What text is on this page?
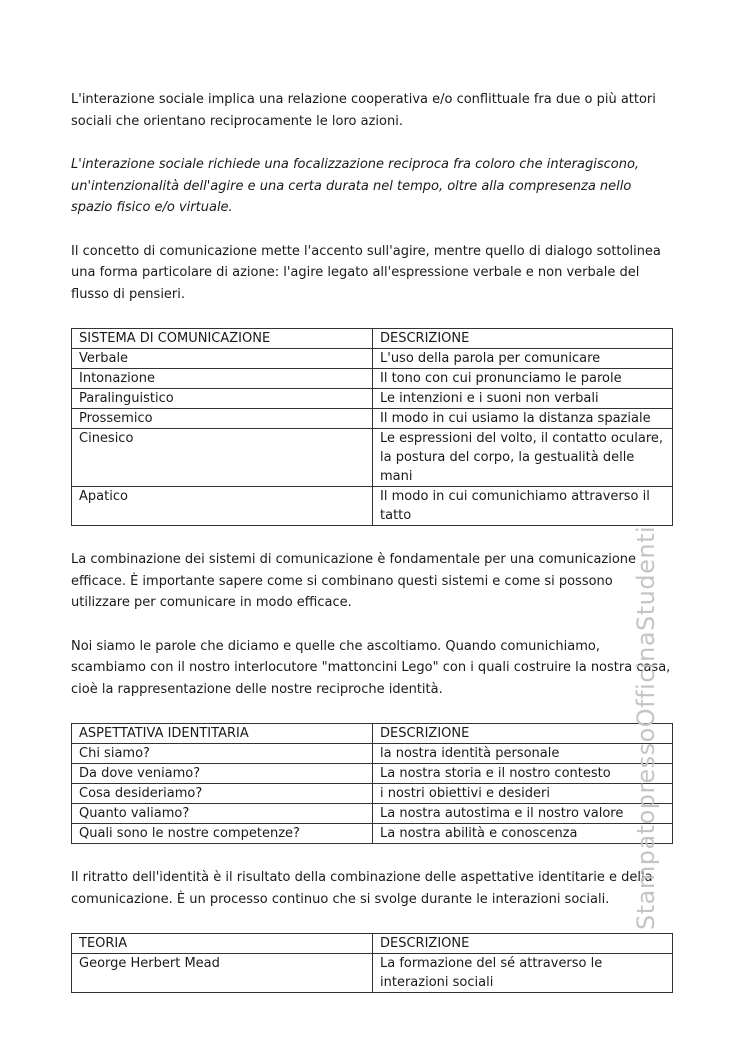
L'interazione sociale implica una relazione cooperativa e/o conflittuale fra due o più attori sociali che orientano reciprocamente le loro azioni.

L'interazione sociale richiede una focalizzazione reciproca fra coloro che interagiscono, un'intenzionalità dell'agire e una certa durata nel tempo, oltre alla compresenza nello spazio fisico e/o virtuale.

Il concetto di comunicazione mette l'accento sull'agire, mentre quello di dialogo sottolinea una forma particolare di azione: l'agire legato all'espressione verbale e non verbale del flusso di pensieri.

SISTEMA DI COMUNICAZIONE	DESCRIZIONE
Verbale	L'uso della parola per comunicare
Intonazione	Il tono con cui pronunciamo le parole
Paralinguistico	Le intenzioni e i suoni non verbali
Prossemico	Il modo in cui usiamo la distanza spaziale
Cinesico	Le espressioni del volto, il contatto oculare, la postura del corpo, la gestualità delle mani
Apatico	Il modo in cui comunichiamo attraverso il tatto

La combinazione dei sistemi di comunicazione è fondamentale per una comunicazione efficace. È importante sapere come si combinano questi sistemi e come si possono utilizzare per comunicare in modo efficace.

Noi siamo le parole che diciamo e quelle che ascoltiamo. Quando comunichiamo, scambiamo con il nostro interlocutore "mattoncini Lego" con i quali costruire la nostra casa, cioè la rappresentazione delle nostre reciproche identità.

ASPETTATIVA IDENTITARIA	DESCRIZIONE
Chi siamo?	la nostra identità personale
Da dove veniamo?	La nostra storia e il nostro contesto
Cosa desideriamo?	i nostri obiettivi e desideri
Quanto valiamo?	La nostra autostima e il nostro valore
Quali sono le nostre competenze?	La nostra abilità e conoscenza

Il ritratto dell'identità è il risultato della combinazione delle aspettative identitarie e della comunicazione. È un processo continuo che si svolge durante le interazioni sociali.

TEORIA	DESCRIZIONE
George Herbert Mead	La formazione del sé attraverso le interazioni sociali
StampatopressoOfficinaStudenti
